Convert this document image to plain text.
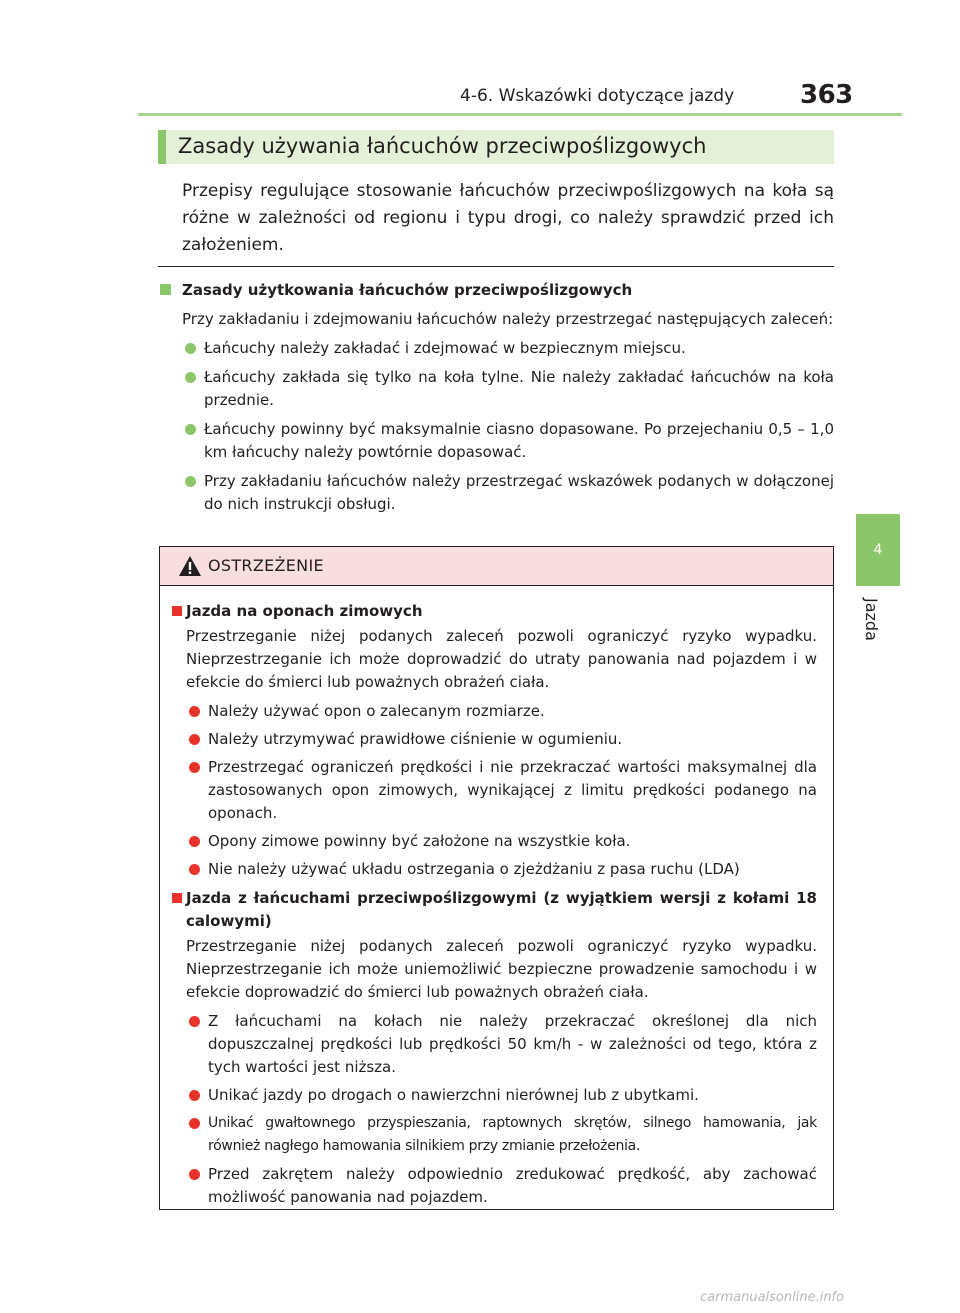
4-6. Wskazówki dotyczące jazdy	363
4
Jazda
Zasady używania łańcuchów przeciwpoślizgowych

Przepisy regulujące stosowanie łańcuchów przeciwpoślizgowych na koła są różne w zależności od regionu i typu drogi, co należy sprawdzić przed ich założeniem.

Zasady użytkowania łańcuchów przeciwpoślizgowych

Przy zakładaniu i zdejmowaniu łańcuchów należy przestrzegać następujących zaleceń:

Łańcuchy należy zakładać i zdejmować w bezpiecznym miejscu.
Łańcuchy zakłada się tylko na koła tylne. Nie należy zakładać łańcuchów na koła przednie.
Łańcuchy powinny być maksymalnie ciasno dopasowane. Po przejechaniu 0,5 – 1,0 km łańcuchy należy powtórnie dopasować.
Przy zakładaniu łańcuchów należy przestrzegać wskazówek podanych w dołączonej do nich instrukcji obsługi.
OSTRZEŻENIE
Jazda na oponach zimowych

Przestrzeganie niżej podanych zaleceń pozwoli ograniczyć ryzyko wypadku. Nieprzestrzeganie ich może doprowadzić do utraty panowania nad pojazdem i w efekcie do śmierci lub poważnych obrażeń ciała.

Należy używać opon o zalecanym rozmiarze.
Należy utrzymywać prawidłowe ciśnienie w ogumieniu.
Przestrzegać ograniczeń prędkości i nie przekraczać wartości maksymalnej dla zastosowanych opon zimowych, wynikającej z limitu prędkości podanego na oponach.
Opony zimowe powinny być założone na wszystkie koła.
Nie należy używać układu ostrzegania o zjeżdżaniu z pasa ruchu (LDA)
Jazda z łańcuchami przeciwpoślizgowymi (z wyjątkiem wersji z kołami 18 calowymi)

Przestrzeganie niżej podanych zaleceń pozwoli ograniczyć ryzyko wypadku. Nieprzestrzeganie ich może uniemożliwić bezpieczne prowadzenie samochodu i w efekcie doprowadzić do śmierci lub poważnych obrażeń ciała.

Z łańcuchami na kołach nie należy przekraczać określonej dla nich dopuszczalnej prędkości lub prędkości 50 km/h - w zależności od tego, która z tych wartości jest niższa.
Unikać jazdy po drogach o nawierzchni nierównej lub z ubytkami.
Unikać gwałtownego przyspieszania, raptownych skrętów, silnego hamowania, jak również nagłego hamowania silnikiem przy zmianie przełożenia.
Przed zakrętem należy odpowiednio zredukować prędkość, aby zachować możliwość panowania nad pojazdem.
carmanualsonline.info
